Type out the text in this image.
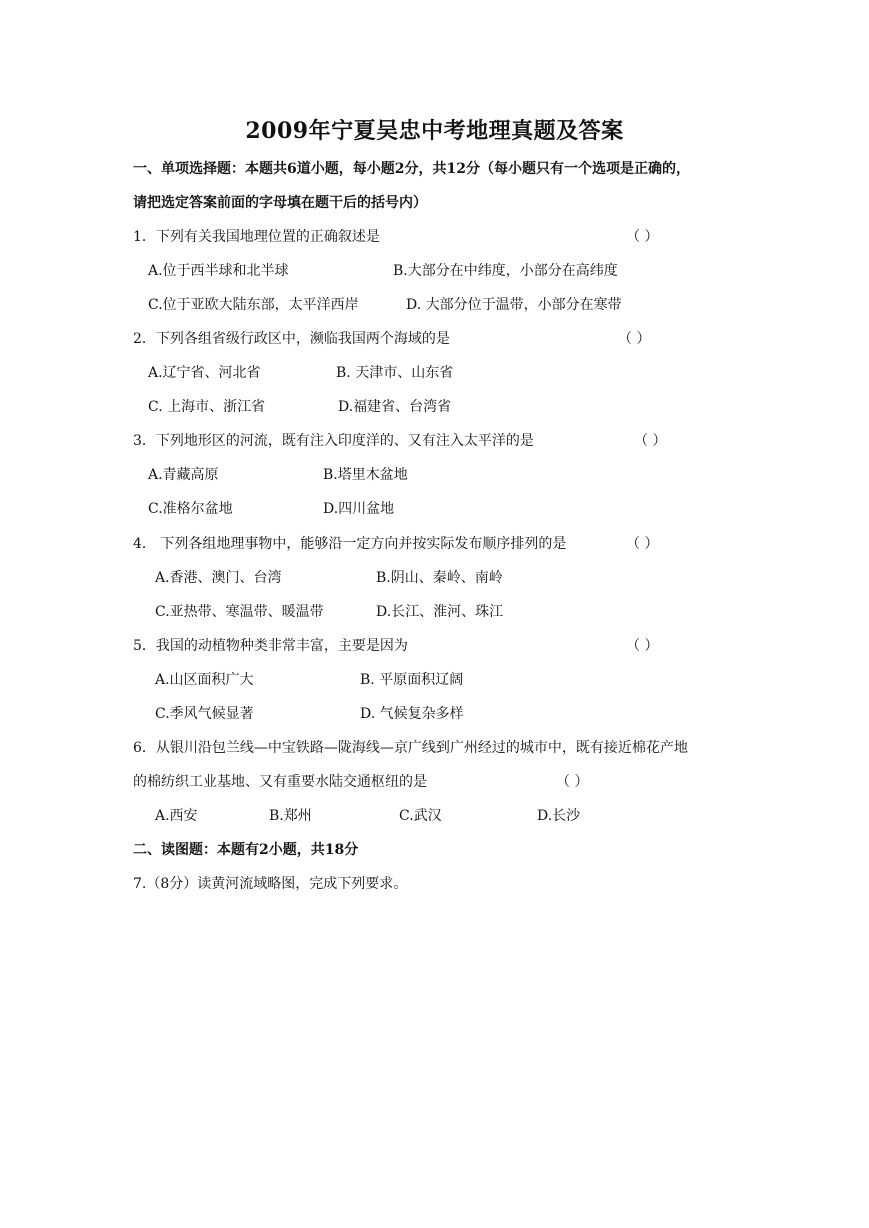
2009年宁夏吴忠中考地理真题及答案
一、单项选择题：本题共6道小题，每小题2分，共12分（每小题只有一个选项是正确的，
请把选定答案前面的字母填在题干后的括号内）
1．下列有关我国地理位置的正确叙述是	（ ）
A.位于西半球和北半球	B.大部分在中纬度，小部分在高纬度
C.位于亚欧大陆东部，太平洋西岸	D. 大部分位于温带，小部分在寒带
2．下列各组省级行政区中，濒临我国两个海域的是	（ ）
A.辽宁省、河北省	B. 天津市、山东省
C. 上海市、浙江省	D.福建省、台湾省
3．下列地形区的河流，既有注入印度洋的、又有注入太平洋的是	（ ）
A.青藏高原	B.塔里木盆地
C.准格尔盆地	D.四川盆地
4． 下列各组地理事物中，能够沿一定方向并按实际发布顺序排列的是	（ ）
A.香港、澳门、台湾	B.阴山、秦岭、南岭
C.亚热带、寒温带、暖温带	D.长江、淮河、珠江
5．我国的动植物种类非常丰富，主要是因为	（ ）
A.山区面积广大	B. 平原面积辽阔
C.季风气候显著	D. 气候复杂多样
6．从银川沿包兰线—中宝铁路—陇海线—京广线到广州经过的城市中，既有接近棉花产地
的棉纺织工业基地、又有重要水陆交通枢纽的是	（ ）
A.西安	B.郑州	C.武汉	D.长沙
二、读图题：本题有2小题，共18分
7.（8分）读黄河流域略图，完成下列要求。
